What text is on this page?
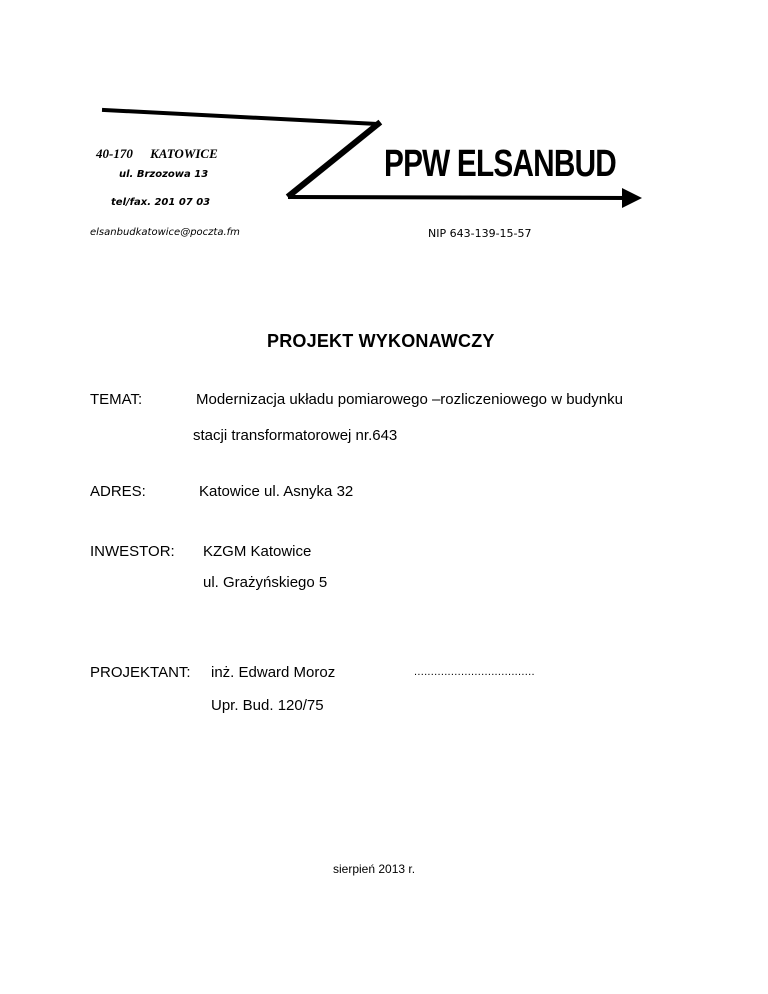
PPW ELSANBUD
40-170 KATOWICE
ul. Brzozowa 13
tel/fax. 201 07 03
elsanbudkatowice@poczta.fm	NIP 643-139-15-57
PROJEKT WYKONAWCZY
TEMAT:	Modernizacja układu pomiarowego –rozliczeniowego w budynku
stacji transformatorowej nr.643
ADRES:	Katowice ul. Asnyka 32
INWESTOR: KZGM Katowice
ul. Grażyńskiego 5
PROJEKTANT: inż. Edward Moroz	....................................
Upr. Bud. 120/75
sierpień 2013 r.
